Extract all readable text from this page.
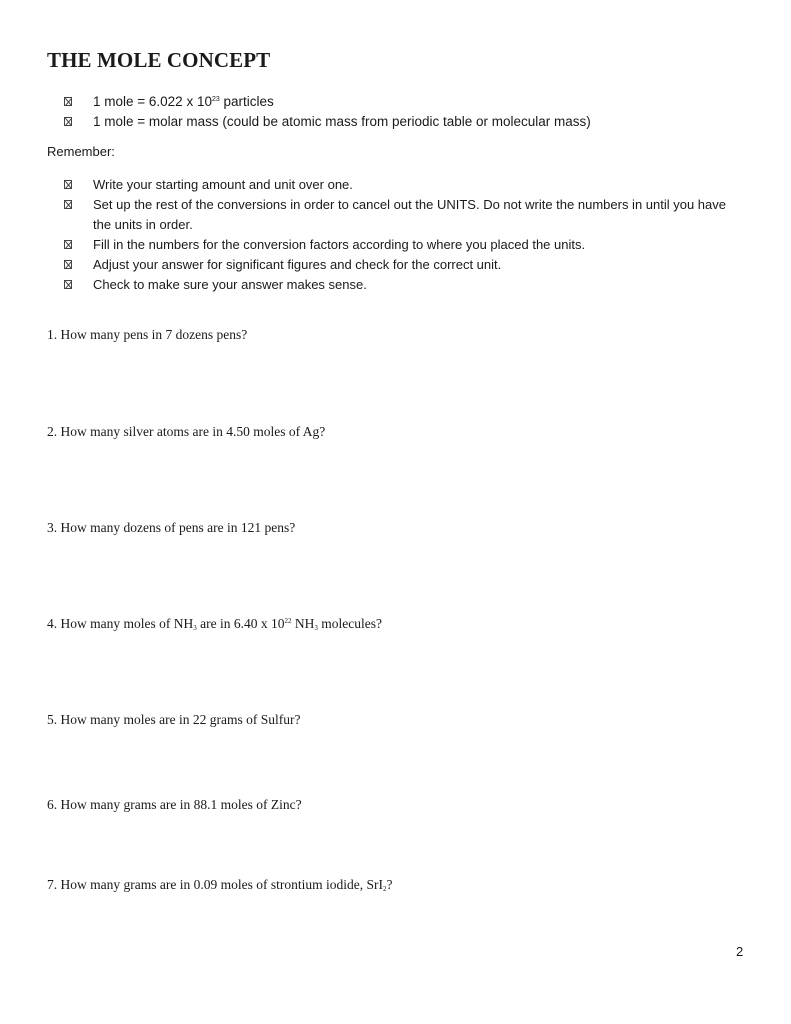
THE MOLE CONCEPT
1 mole = 6.022 x $10^{23}$ particles
1 mole = molar mass (could be atomic mass from periodic table or molecular mass)
Remember:
Write your starting amount and unit over one.
Set up the rest of the conversions in order to cancel out the UNITS. Do not write the numbers in until you have the units in order.
Fill in the numbers for the conversion factors according to where you placed the units.
Adjust your answer for significant figures and check for the correct unit.
Check to make sure your answer makes sense.
1. How many pens in 7 dozens pens?
2. How many silver atoms are in 4.50 moles of Ag?
3. How many dozens of pens are in 121 pens?
4. How many moles of $NH_3$ are in 6.40 x $10^{22}$ $NH_3$ molecules?
5. How many moles are in 22 grams of Sulfur?
6. How many grams are in 88.1 moles of Zinc?
7. How many grams are in 0.09 moles of strontium iodide, SrI$_2$?
2
